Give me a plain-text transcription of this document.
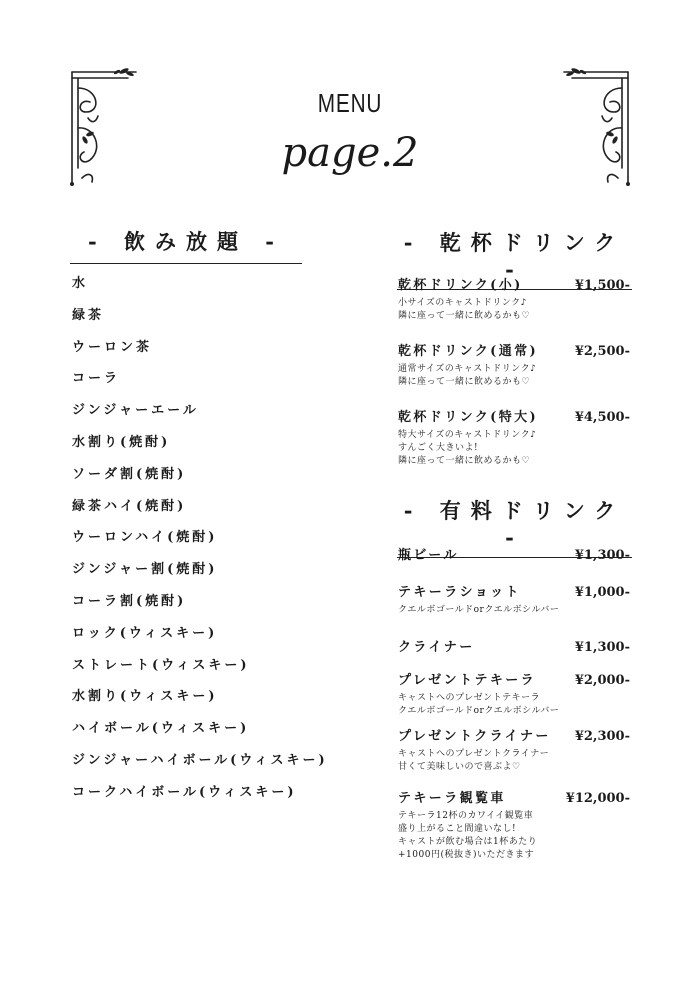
MENU
page.2
- 飲み放題 -
水
緑茶
ウーロン茶
コーラ
ジンジャーエール
水割り(焼酎)
ソーダ割(焼酎)
緑茶ハイ(焼酎)
ウーロンハイ(焼酎)
ジンジャー割(焼酎)
コーラ割(焼酎)
ロック(ウィスキー)
ストレート(ウィスキー)
水割り(ウィスキー)
ハイボール(ウィスキー)
ジンジャーハイボール(ウィスキー)
コークハイボール(ウィスキー)
- 乾杯ドリンク -
乾杯ドリンク(小)	¥1,500-
小サイズのキャストドリンク♪
隣に座って一緒に飲めるかも♡
乾杯ドリンク(通常)	¥2,500-
通常サイズのキャストドリンク♪
隣に座って一緒に飲めるかも♡
乾杯ドリンク(特大)	¥4,500-
特大サイズのキャストドリンク♪
すんごく大きいよ!
隣に座って一緒に飲めるかも♡
- 有料ドリンク -
瓶ビール	¥1,300-
テキーラショット	¥1,000-
クエルボゴールドorクエルボシルバー
クライナー	¥1,300-
プレゼントテキーラ	¥2,000-
キャストへのプレゼントテキーラ
クエルボゴールドorクエルボシルバー
プレゼントクライナー ¥2,300-
キャストへのプレゼントクライナー
甘くて美味しいので喜ぶよ♡
テキーラ観覧車	¥12,000-
テキーラ12杯のカワイイ観覧車
盛り上がること間違いなし!
キャストが飲む場合は1杯あたり
+1000円(税抜き)いただきます
